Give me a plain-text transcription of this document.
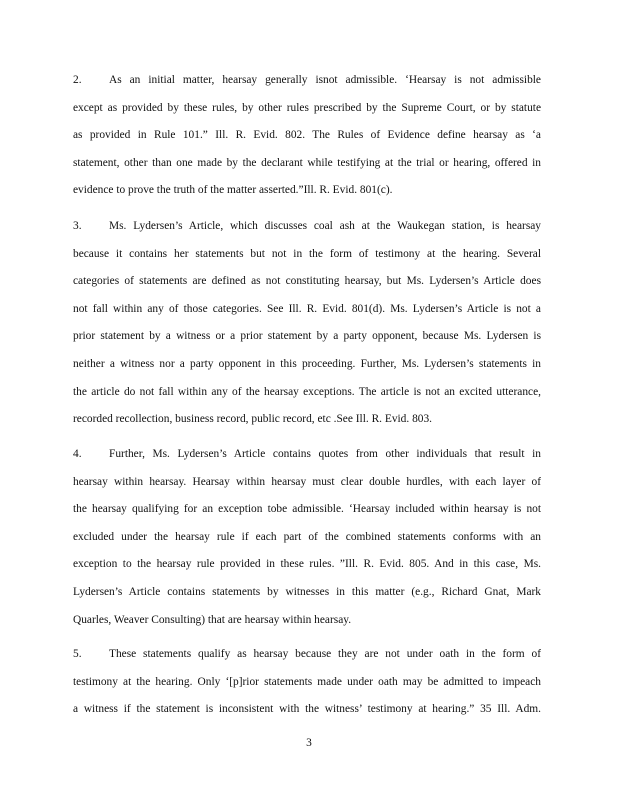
2. As an initial matter, hearsay generally isnot admissible. ‘Hearsay is not admissible
except as provided by these rules, by other rules prescribed by the Supreme Court, or by statute
as provided in Rule 101.” Ill. R. Evid. 802. The Rules of Evidence define hearsay as ‘a
statement, other than one made by the declarant while testifying at the trial or hearing, offered in
evidence to prove the truth of the matter asserted.”Ill. R. Evid. 801(c).
3. Ms. Lydersen’s Article, which discusses coal ash at the Waukegan station, is hearsay
because it contains her statements but not in the form of testimony at the hearing. Several
categories of statements are defined as not constituting hearsay, but Ms. Lydersen’s Article does
not fall within any of those categories. See Ill. R. Evid. 801(d). Ms. Lydersen’s Article is not a
prior statement by a witness or a prior statement by a party opponent, because Ms. Lydersen is
neither a witness nor a party opponent in this proceeding. Further, Ms. Lydersen’s statements in
the article do not fall within any of the hearsay exceptions. The article is not an excited utterance,
recorded recollection, business record, public record, etc .See Ill. R. Evid. 803.
4. Further, Ms. Lydersen’s Article contains quotes from other individuals that result in
hearsay within hearsay. Hearsay within hearsay must clear double hurdles, with each layer of
the hearsay qualifying for an exception tobe admissible. ‘Hearsay included within hearsay is not
excluded under the hearsay rule if each part of the combined statements conforms with an
exception to the hearsay rule provided in these rules. ”Ill. R. Evid. 805. And in this case, Ms.
Lydersen’s Article contains statements by witnesses in this matter (e.g., Richard Gnat, Mark
Quarles, Weaver Consulting) that are hearsay within hearsay.
5. These statements qualify as hearsay because they are not under oath in the form of
testimony at the hearing. Only ‘[p]rior statements made under oath may be admitted to impeach
a witness if the statement is inconsistent with the witness’ testimony at hearing.” 35 Ill. Adm.
3
